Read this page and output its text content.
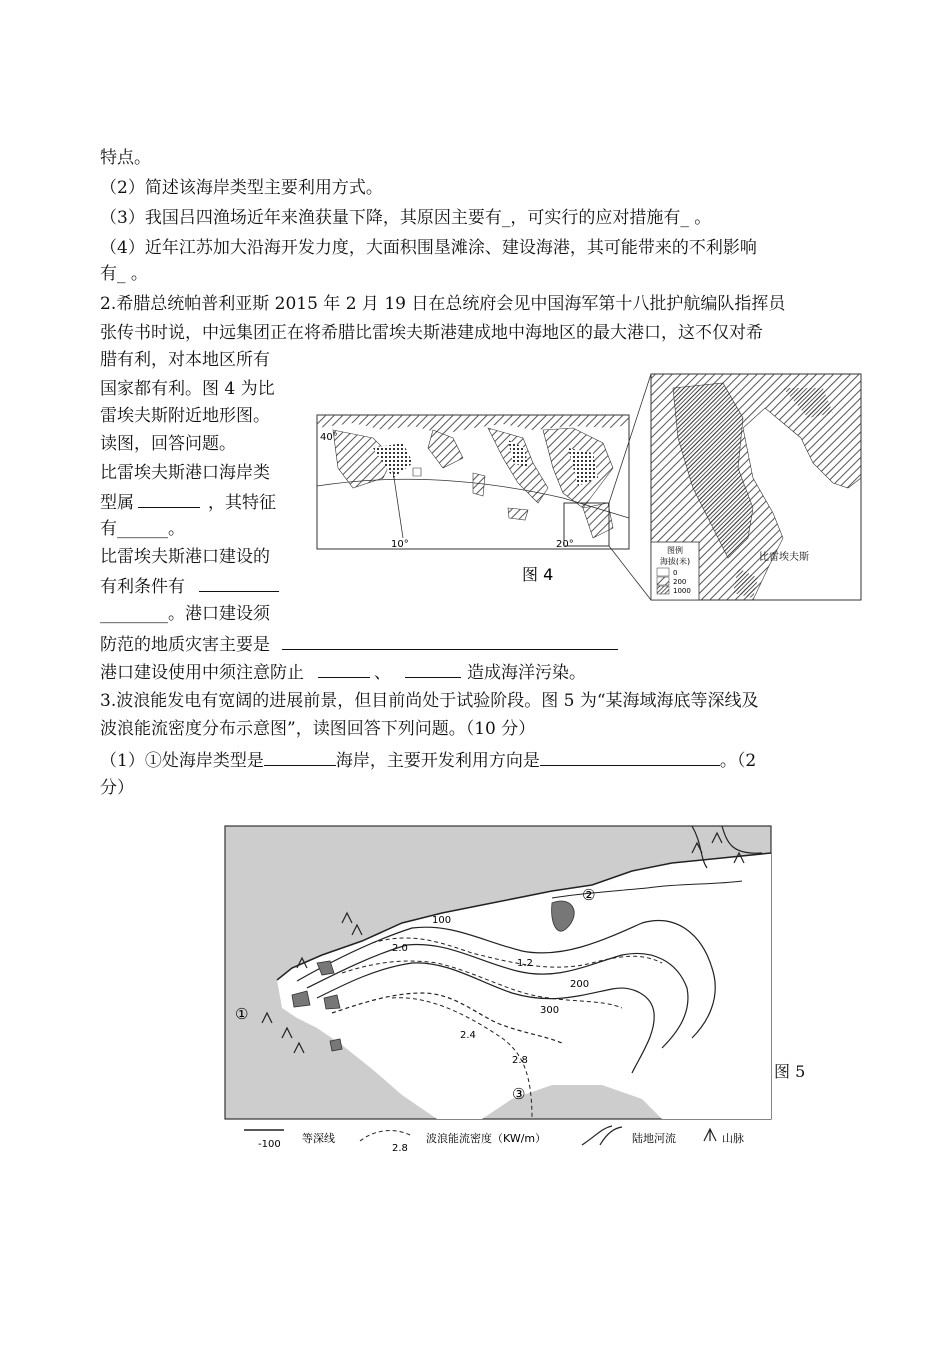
特点。
（2）简述该海岸类型主要利用方式。
（3）我国吕四渔场近年来渔获量下降，其原因主要有_，可实行的应对措施有_ 。
（4）近年江苏加大沿海开发力度，大面积围垦滩涂、建设海港，其可能带来的不利影响
有_ 。
2.希腊总统帕普利亚斯 2015 年 2 月 19 日在总统府会见中国海军第十八批护航编队指挥员
张传书时说，中远集团正在将希腊比雷埃夫斯港建成地中海地区的最大港口，这不仅对希
腊有利，对本地区所有
国家都有利。图 4 为比
雷埃夫斯附近地形图。
读图，回答问题。
比雷埃夫斯港口海岸类
型属	，其特征
有______。
比雷埃夫斯港口建设的
有利条件有
________。港口建设须
防范的地质灾害主要是
港口建设使用中须注意防止	、	造成海洋污染。
3.波浪能发电有宽阔的进展前景，但目前尚处于试验阶段。图 5 为“某海域海底等深线及
波浪能流密度分布示意图”，读图回答下列问题。（10 分）
（1）①处海岸类型是	海岸，主要开发利用方向是	。（2
分）
40°
10°	20°
图 4
图例
海拔(米)
0
200
1000
比雷埃夫斯
①
②
③
100
200
300
2.0
1.2
2.4
2.8
-100 等深线
2.8
波浪能流密度（KW/m）	陆地河流	山脉
图 5
